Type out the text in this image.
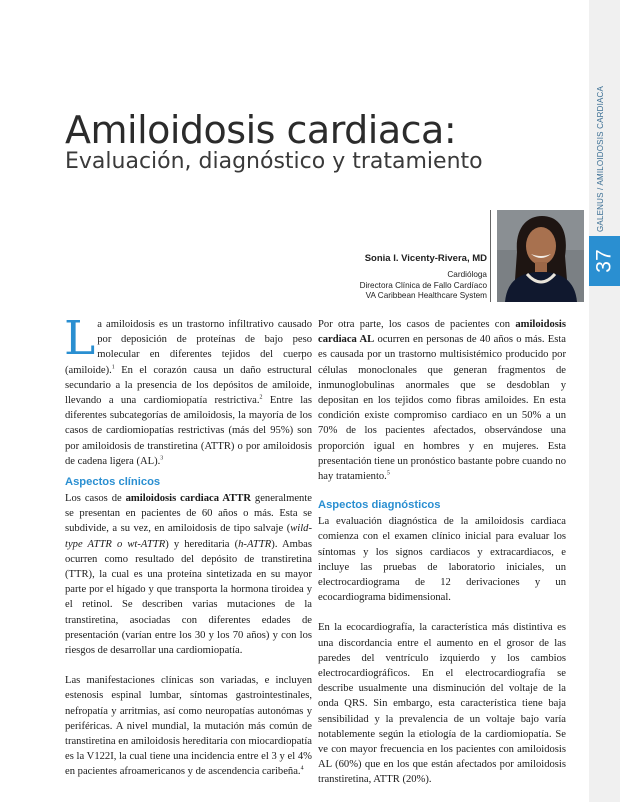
GALENUS / AMILOIDOSIS CARDIACA
37
Amiloidosis cardiaca:
Evaluación, diagnóstico y tratamiento
Sonia I. Vicenty-Rivera, MD
Cardióloga
Directora Clínica de Fallo Cardíaco
VA Caribbean Healthcare System

La amiloidosis es un trastorno infiltrativo causado por deposición de proteínas de bajo peso molecular en diferentes tejidos del cuerpo (amiloide).$^1$ En el corazón causa un daño estructural secundario a la presencia de los depósitos de amiloide, llevando a una cardiomiopatía restrictiva.$^2$ Entre las diferentes subcategorías de amiloidosis, la mayoría de los casos de cardiomiopatías restrictivas (más del 95%) son por amiloidosis de transtiretina (ATTR) o por amiloidosis de cadena ligera (AL).$^3$

Aspectos clínicos

Los casos de amiloidosis cardiaca ATTR generalmente se presentan en pacientes de 60 años o más. Esta se subdivide, a su vez, en amiloidosis de tipo salvaje (wild-type ATTR o wt-ATTR) y hereditaria (h-ATTR). Ambas ocurren como resultado del depósito de transtiretina (TTR), la cual es una proteína sintetizada en su mayor parte por el hígado y que transporta la hormona tiroidea y el retinol. Se describen varias mutaciones de la transtiretina, asociadas con diferentes edades de presentación (varían entre los 30 y los 70 años) y con los riesgos de desarrollar una cardiomiopatía.

Las manifestaciones clínicas son variadas, e incluyen estenosis espinal lumbar, síntomas gastrointestinales, nefropatía y arritmias, así como neuropatías autonómas y periféricas. A nivel mundial, la mutación más común de transtiretina en amiloidosis hereditaria con miocardiopatía es la V122I, la cual tiene una incidencia entre el 3 y el 4% en pacientes afroamericanos y de ascendencia caribeña.$^4$

Por otra parte, los casos de pacientes con amiloidosis cardiaca AL ocurren en personas de 40 años o más. Esta es causada por un trastorno multisistémico producido por células monoclonales que generan fragmentos de inmunoglobulinas anormales que se desdoblan y depositan en los tejidos como fibras amiloides. En esta condición existe compromiso cardiaco en un 50% a un 70% de los pacientes afectados, observándose una proporción igual en hombres y en mujeres. Esta presentación tiene un pronóstico bastante pobre cuando no hay tratamiento.$^5$

Aspectos diagnósticos

La evaluación diagnóstica de la amiloidosis cardiaca comienza con el examen clínico inicial para evaluar los síntomas y los signos cardiacos y extracardiacos, e incluye las pruebas de laboratorio iniciales, un electrocardiograma de 12 derivaciones y un ecocardiograma bidimensional.

En la ecocardiografía, la característica más distintiva es una discordancia entre el aumento en el grosor de las paredes del ventrículo izquierdo y los cambios electrocardiográficos. En el electrocardiografía se describe usualmente una disminución del voltaje de la onda QRS. Sin embargo, esta característica tiene baja sensibilidad y la prevalencia de un voltaje bajo varía notablemente según la etiología de la cardiomiopatía. Se ve con mayor frecuencia en los pacientes con amiloidosis AL (60%) que en los que están afectados por amiloidosis transtiretina, ATTR (20%).
